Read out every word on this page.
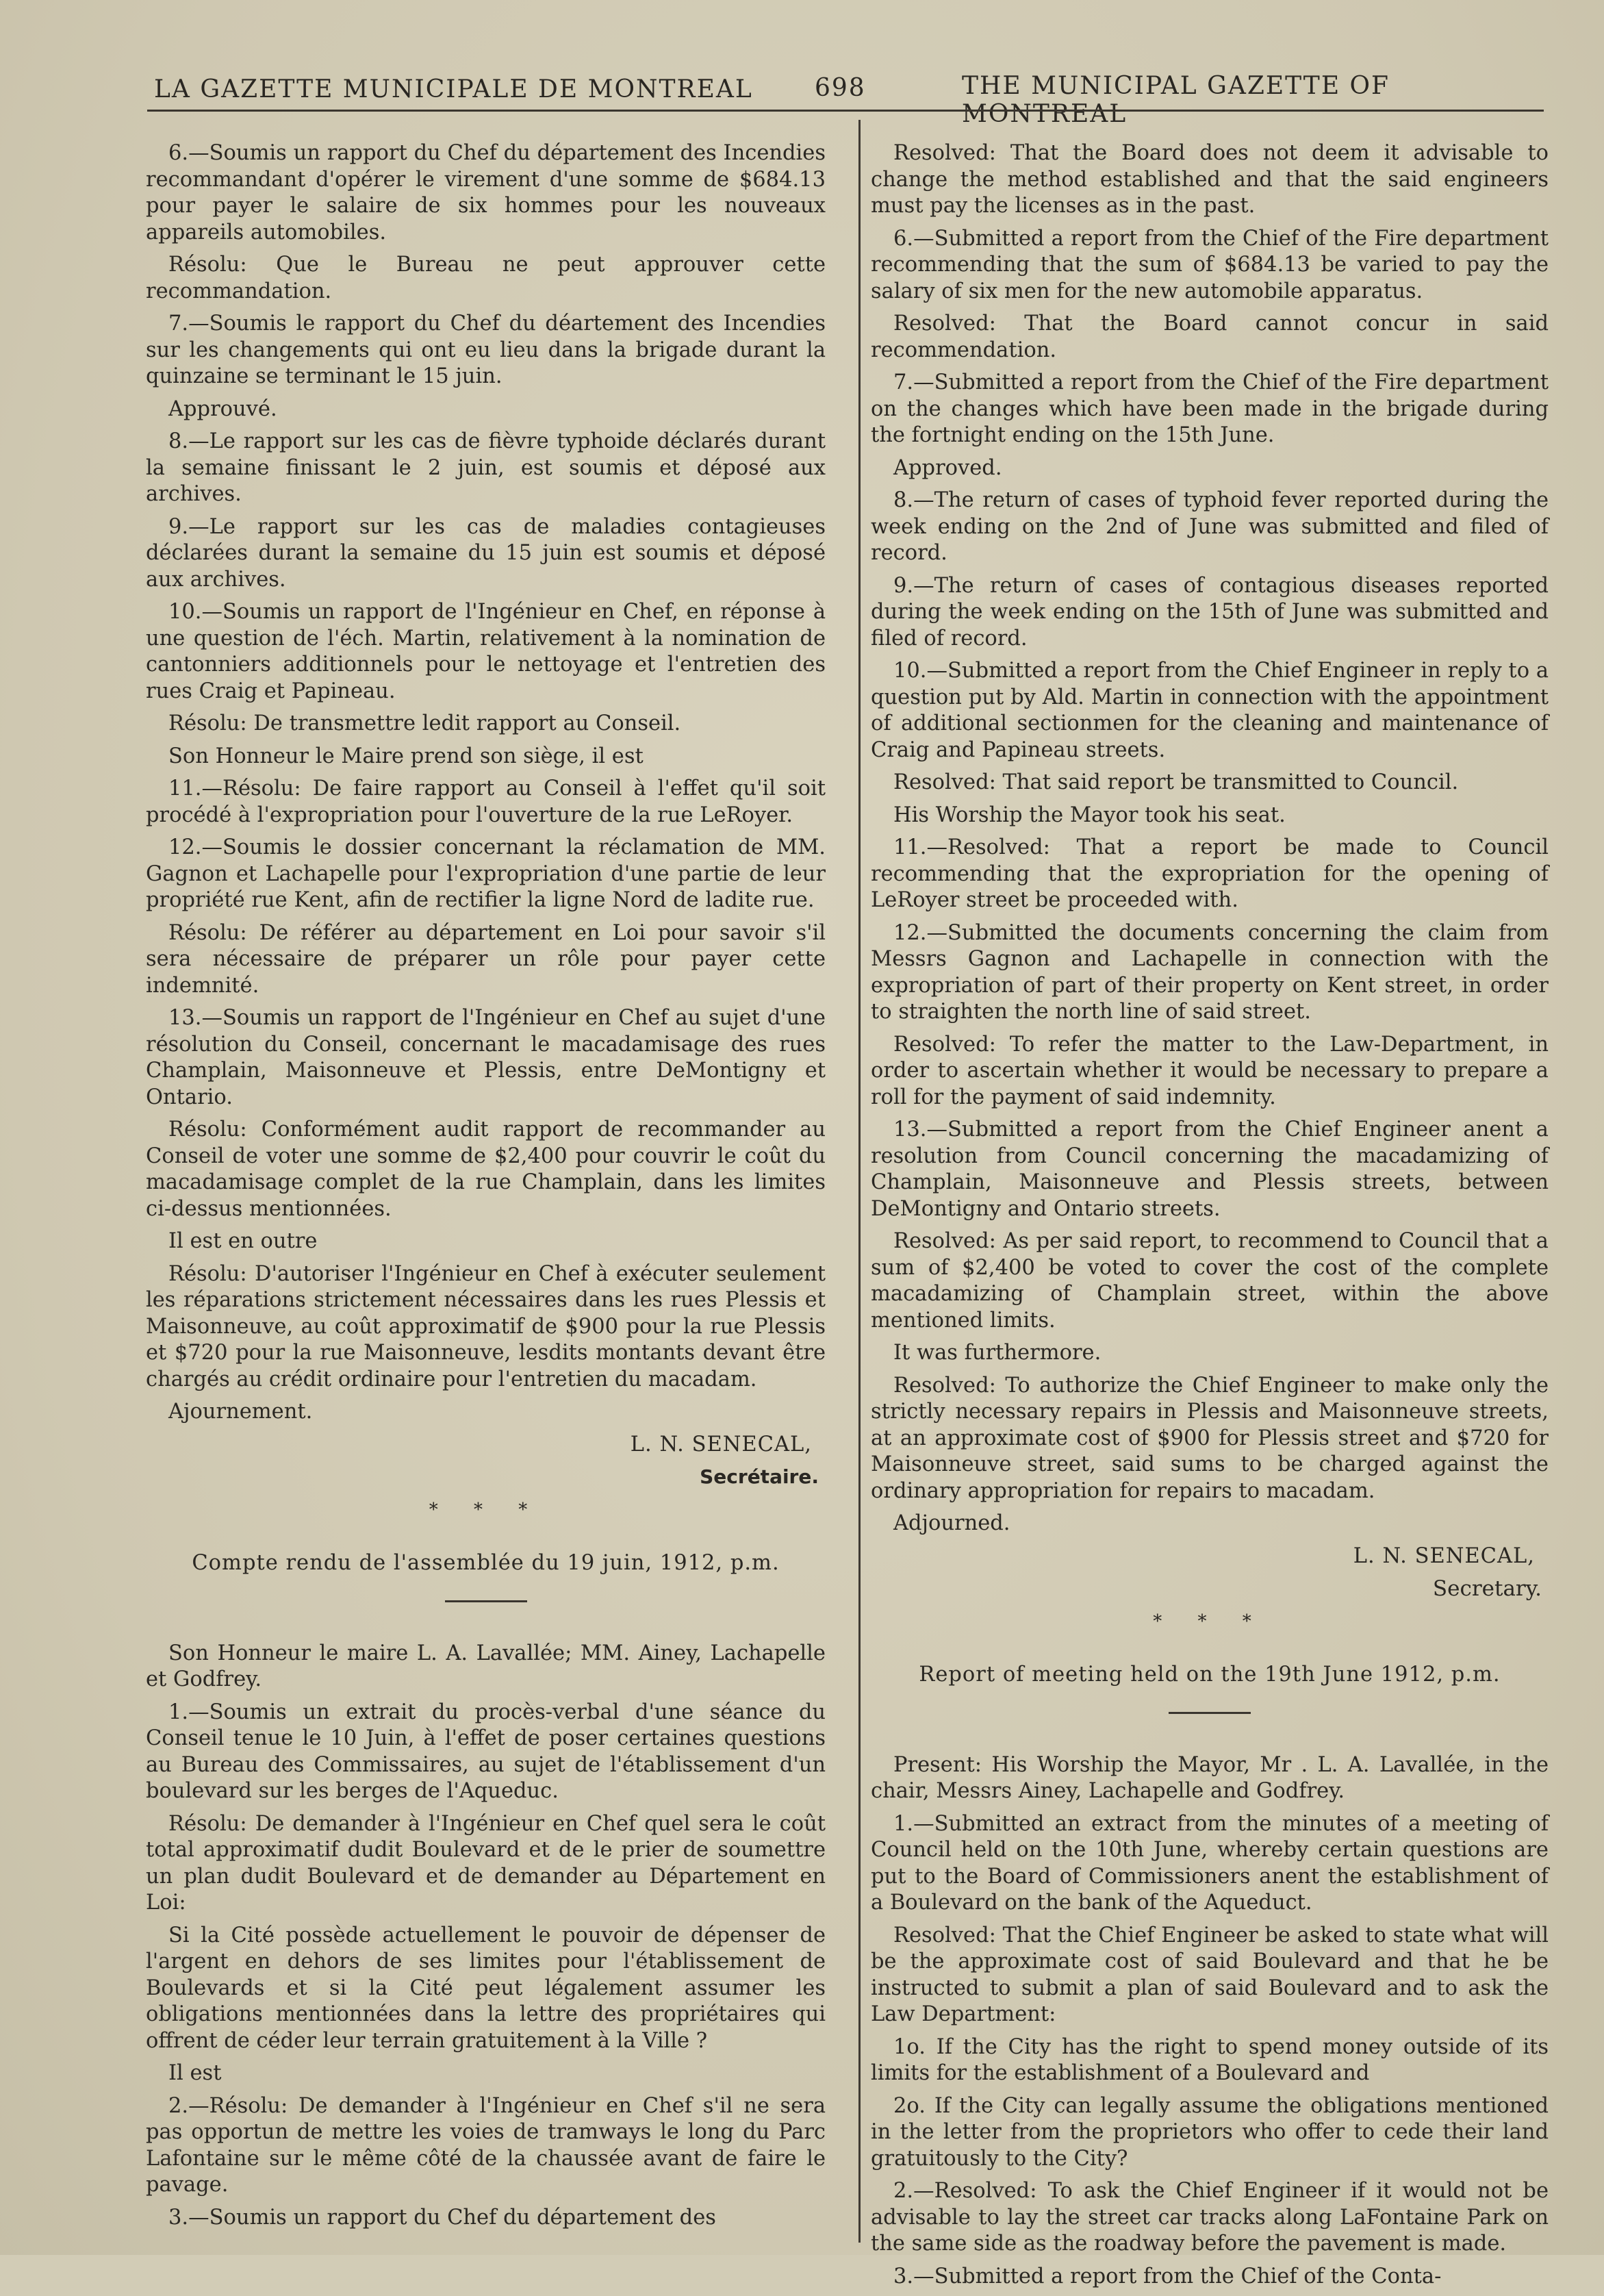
LA GAZETTE MUNICIPALE DE MONTREAL	698	THE MUNICIPAL GAZETTE OF MONTREAL

6.—Soumis un rapport du Chef du département des Incendies recommandant d'opérer le virement d'une somme de $684.13 pour payer le salaire de six hommes pour les nouveaux appareils automobiles.

Résolu: Que le Bureau ne peut approuver cette recommandation.

7.—Soumis le rapport du Chef du déartement des Incendies sur les changements qui ont eu lieu dans la brigade durant la quinzaine se terminant le 15 juin.

Approuvé.

8.—Le rapport sur les cas de fièvre typhoide déclarés durant la semaine finissant le 2 juin, est soumis et déposé aux archives.

9.—Le rapport sur les cas de maladies contagieuses déclarées durant la semaine du 15 juin est soumis et déposé aux archives.

10.—Soumis un rapport de l'Ingénieur en Chef, en réponse à une question de l'éch. Martin, relativement à la nomination de cantonniers additionnels pour le nettoyage et l'entretien des rues Craig et Papineau.

Résolu: De transmettre ledit rapport au Conseil.

Son Honneur le Maire prend son siège, il est

11.—Résolu: De faire rapport au Conseil à l'effet qu'il soit procédé à l'expropriation pour l'ouverture de la rue LeRoyer.

12.—Soumis le dossier concernant la réclamation de MM. Gagnon et Lachapelle pour l'expropriation d'une partie de leur propriété rue Kent, afin de rectifier la ligne Nord de ladite rue.

Résolu: De référer au département en Loi pour savoir s'il sera nécessaire de préparer un rôle pour payer cette indemnité.

13.—Soumis un rapport de l'Ingénieur en Chef au sujet d'une résolution du Conseil, concernant le macadamisage des rues Champlain, Maisonneuve et Plessis, entre DeMontigny et Ontario.

Résolu: Conformément audit rapport de recommander au Conseil de voter une somme de $2,400 pour couvrir le coût du macadamisage complet de la rue Champlain, dans les limites ci-dessus mentionnées.

Il est en outre

Résolu: D'autoriser l'Ingénieur en Chef à exécuter seulement les réparations strictement nécessaires dans les rues Plessis et Maisonneuve, au coût approximatif de $900 pour la rue Plessis et $720 pour la rue Maisonneuve, lesdits montants devant être chargés au crédit ordinaire pour l'entretien du macadam.

Ajournement.

L. N. SENECAL,

Secrétaire.

* * *
Compte rendu de l'assemblée du 19 juin, 1912, p.m.

Son Honneur le maire L. A. Lavallée; MM. Ainey, Lachapelle et Godfrey.

1.—Soumis un extrait du procès-verbal d'une séance du Conseil tenue le 10 Juin, à l'effet de poser certaines questions au Bureau des Commissaires, au sujet de l'établissement d'un boulevard sur les berges de l'Aqueduc.

Résolu: De demander à l'Ingénieur en Chef quel sera le coût total approximatif dudit Boulevard et de le prier de soumettre un plan dudit Boulevard et de demander au Département en Loi:

Si la Cité possède actuellement le pouvoir de dépenser de l'argent en dehors de ses limites pour l'établissement de Boulevards et si la Cité peut légalement assumer les obligations mentionnées dans la lettre des propriétaires qui offrent de céder leur terrain gratuitement à la Ville ?

Il est

2.—Résolu: De demander à l'Ingénieur en Chef s'il ne sera pas opportun de mettre les voies de tramways le long du Parc Lafontaine sur le même côté de la chaussée avant de faire le pavage.

3.—Soumis un rapport du Chef du département des

Resolved: That the Board does not deem it advisable to change the method established and that the said engineers must pay the licenses as in the past.

6.—Submitted a report from the Chief of the Fire department recommending that the sum of $684.13 be varied to pay the salary of six men for the new automobile apparatus.

Resolved: That the Board cannot concur in said recommendation.

7.—Submitted a report from the Chief of the Fire department on the changes which have been made in the brigade during the fortnight ending on the 15th June.

Approved.

8.—The return of cases of typhoid fever reported during the week ending on the 2nd of June was submitted and filed of record.

9.—The return of cases of contagious diseases reported during the week ending on the 15th of June was submitted and filed of record.

10.—Submitted a report from the Chief Engineer in reply to a question put by Ald. Martin in connection with the appointment of additional sectionmen for the cleaning and maintenance of Craig and Papineau streets.

Resolved: That said report be transmitted to Council.

His Worship the Mayor took his seat.

11.—Resolved: That a report be made to Council recommending that the expropriation for the opening of LeRoyer street be proceeded with.

12.—Submitted the documents concerning the claim from Messrs Gagnon and Lachapelle in connection with the expropriation of part of their property on Kent street, in order to straighten the north line of said street.

Resolved: To refer the matter to the Law-Department, in order to ascertain whether it would be necessary to prepare a roll for the payment of said indemnity.

13.—Submitted a report from the Chief Engineer anent a resolution from Council concerning the macadamizing of Champlain, Maisonneuve and Plessis streets, between DeMontigny and Ontario streets.

Resolved: As per said report, to recommend to Council that a sum of $2,400 be voted to cover the cost of the complete macadamizing of Champlain street, within the above mentioned limits.

It was furthermore.

Resolved: To authorize the Chief Engineer to make only the strictly necessary repairs in Plessis and Maisonneuve streets, at an approximate cost of $900 for Plessis street and $720 for Maisonneuve street, said sums to be charged against the ordinary appropriation for repairs to macadam.

Adjourned.

L. N. SENECAL,

Secretary.

* * *
Report of meeting held on the 19th June 1912, p.m.

Present: His Worship the Mayor, Mr . L. A. Lavallée, in the chair, Messrs Ainey, Lachapelle and Godfrey.

1.—Submitted an extract from the minutes of a meeting of Council held on the 10th June, whereby certain questions are put to the Board of Commissioners anent the establishment of a Boulevard on the bank of the Aqueduct.

Resolved: That the Chief Engineer be asked to state what will be the approximate cost of said Boulevard and that he be instructed to submit a plan of said Boulevard and to ask the Law Department:

1o. If the City has the right to spend money outside of its limits for the establishment of a Boulevard and

2o. If the City can legally assume the obligations mentioned in the letter from the proprietors who offer to cede their land gratuitously to the City?

2.—Resolved: To ask the Chief Engineer if it would not be advisable to lay the street car tracks along LaFontaine Park on the same side as the roadway before the pavement is made.

3.—Submitted a report from the Chief of the Conta-
